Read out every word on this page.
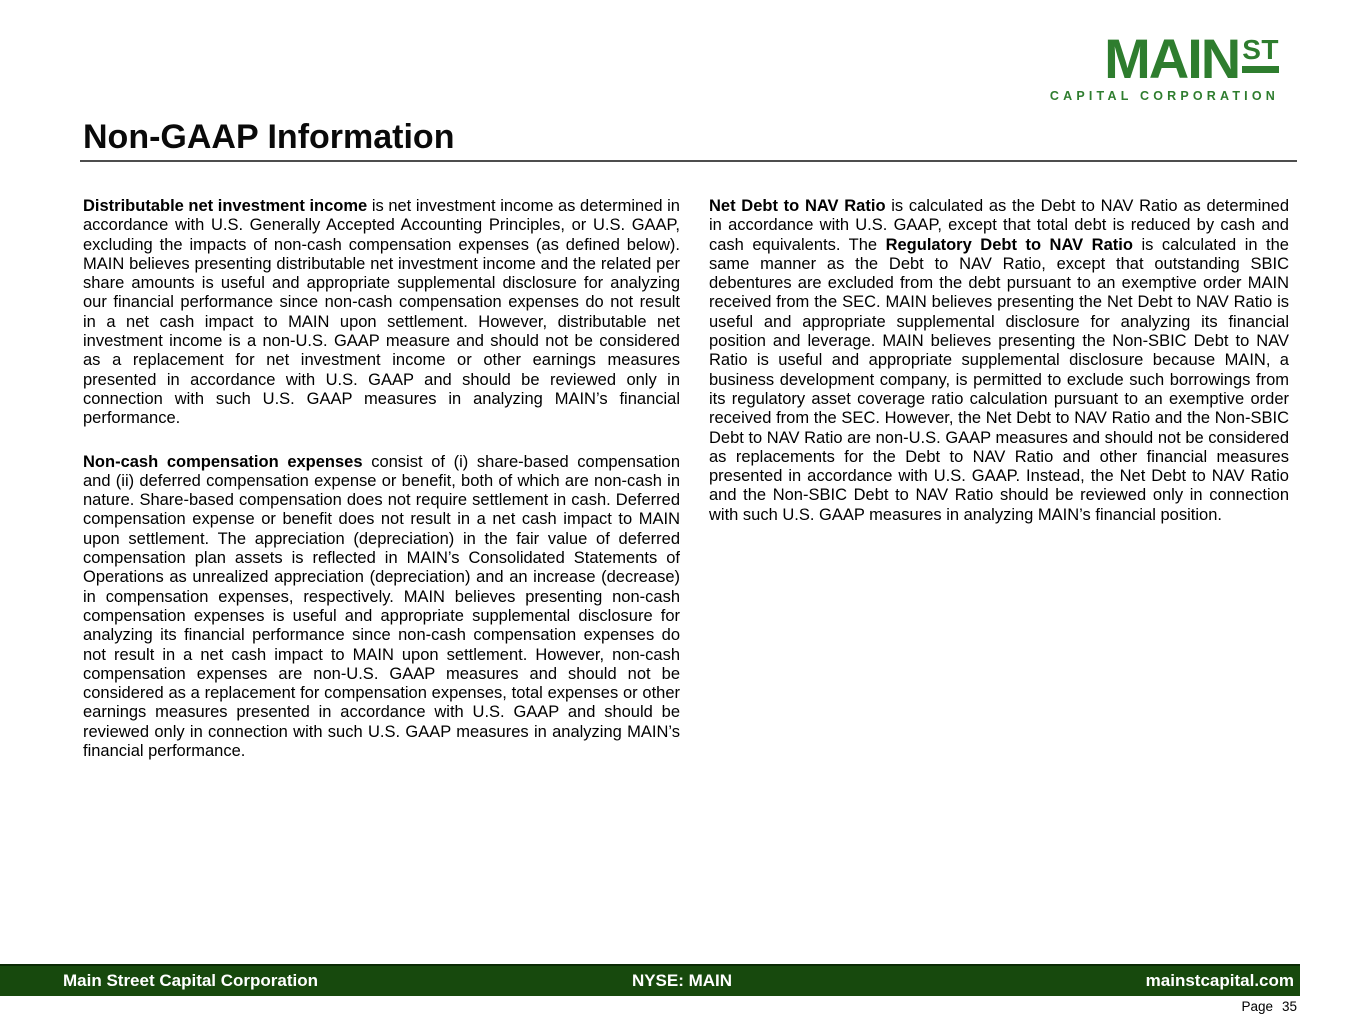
MAIN ST
CAPITAL CORPORATION
Non-GAAP Information

Distributable net investment income is net investment income as determined in accordance with U.S. Generally Accepted Accounting Principles, or U.S. GAAP, excluding the impacts of non-cash compensation expenses (as defined below). MAIN believes presenting distributable net investment income and the related per share amounts is useful and appropriate supplemental disclosure for analyzing our financial performance since non-cash compensation expenses do not result in a net cash impact to MAIN upon settlement. However, distributable net investment income is a non-U.S. GAAP measure and should not be considered as a replacement for net investment income or other earnings measures presented in accordance with U.S. GAAP and should be reviewed only in connection with such U.S. GAAP measures in analyzing MAIN’s financial performance.

Non-cash compensation expenses consist of (i) share-based compensation and (ii) deferred compensation expense or benefit, both of which are non-cash in nature. Share-based compensation does not require settlement in cash. Deferred compensation expense or benefit does not result in a net cash impact to MAIN upon settlement. The appreciation (depreciation) in the fair value of deferred compensation plan assets is reflected in MAIN’s Consolidated Statements of Operations as unrealized appreciation (depreciation) and an increase (decrease) in compensation expenses, respectively. MAIN believes presenting non-cash compensation expenses is useful and appropriate supplemental disclosure for analyzing its financial performance since non-cash compensation expenses do not result in a net cash impact to MAIN upon settlement. However, non-cash compensation expenses are non-U.S. GAAP measures and should not be considered as a replacement for compensation expenses, total expenses or other earnings measures presented in accordance with U.S. GAAP and should be reviewed only in connection with such U.S. GAAP measures in analyzing MAIN’s financial performance.

Net Debt to NAV Ratio is calculated as the Debt to NAV Ratio as determined in accordance with U.S. GAAP, except that total debt is reduced by cash and cash equivalents. The Regulatory Debt to NAV Ratio is calculated in the same manner as the Debt to NAV Ratio, except that outstanding SBIC debentures are excluded from the debt pursuant to an exemptive order MAIN received from the SEC. MAIN believes presenting the Net Debt to NAV Ratio is useful and appropriate supplemental disclosure for analyzing its financial position and leverage. MAIN believes presenting the Non-SBIC Debt to NAV Ratio is useful and appropriate supplemental disclosure because MAIN, a business development company, is permitted to exclude such borrowings from its regulatory asset coverage ratio calculation pursuant to an exemptive order received from the SEC. However, the Net Debt to NAV Ratio and the Non-SBIC Debt to NAV Ratio are non-U.S. GAAP measures and should not be considered as replacements for the Debt to NAV Ratio and other financial measures presented in accordance with U.S. GAAP. Instead, the Net Debt to NAV Ratio and the Non-SBIC Debt to NAV Ratio should be reviewed only in connection with such U.S. GAAP measures in analyzing MAIN’s financial position.

Main Street Capital Corporation	NYSE: MAIN	mainstcapital.com
Page 35
